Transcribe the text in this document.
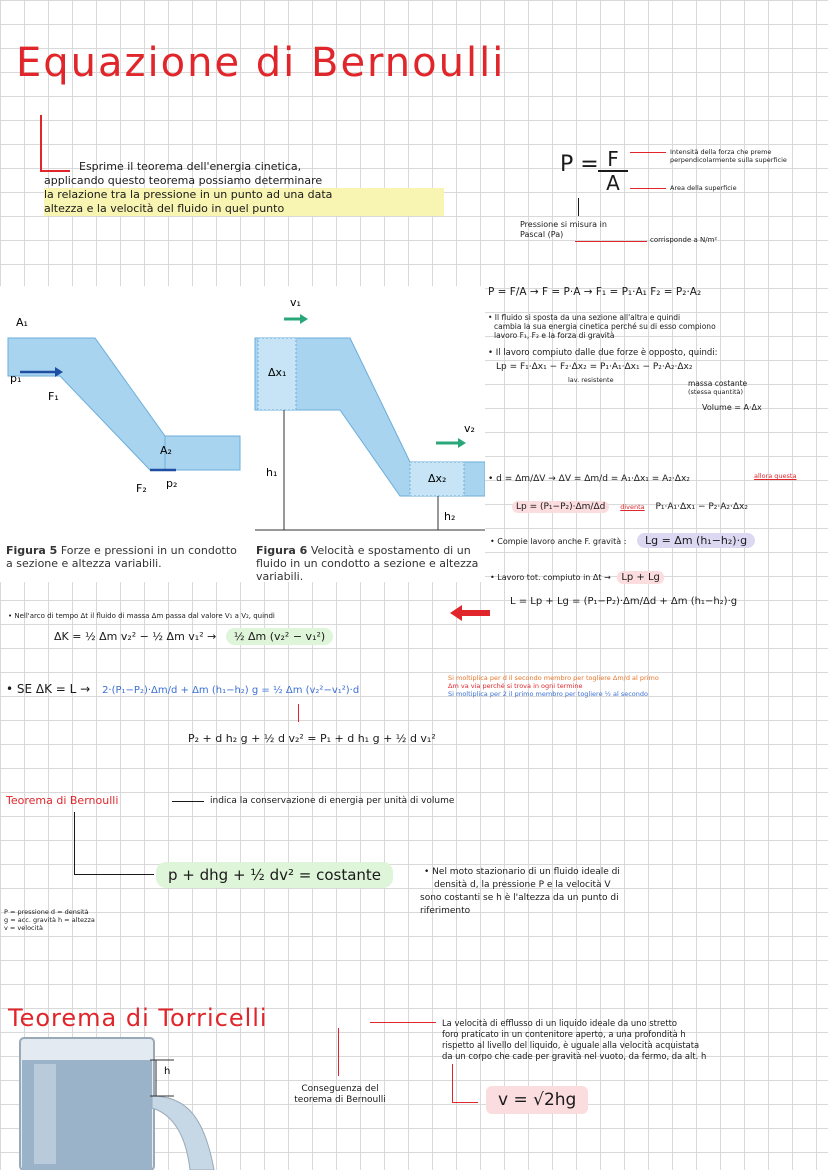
Equazione di Bernoulli
Esprime il teorema dell'energia cinetica,
applicando questo teorema possiamo determinare
la relazione tra la pressione in un punto ad una data
altezza e la velocità del fluido in quel punto
$P = \frac{F}{A}$	Intensità della forza che preme
perpendicolarmente sulla superficie
Area della superficie
Pressione si misura in
Pascal (Pa)
corrisponde a N/m²
P = F/A → F = P·A → F₁ = P₁·A₁ F₂ = P₂·A₂
• Il fluido si sposta da una sezione all'altra e quindi
cambia la sua energia cinetica perché su di esso compiono
lavoro F₁, F₂ e la forza di gravità
• Il lavoro compiuto dalle due forze è opposto, quindi:
Lp = F₁·Δx₁ − F₂·Δx₂ = P₁·A₁·Δx₁ − P₂·A₂·Δx₂
lav. resistente	massa costante
(stessa quantità)
Volume = A·Δx
• d = Δm/ΔV → ΔV = Δm/d = A₁·Δx₁ = A₂·Δx₂	allora questa
Lp = (P₁−P₂)·Δm/Δd diventa P₁·A₁·Δx₁ − P₂·A₂·Δx₂
• Compie lavoro anche F. gravità : Lg = Δm (h₁−h₂)·g
• Lavoro tot. compiuto in Δt → Lp + Lg
L = Lp + Lg = (P₁−P₂)·Δm/Δd + Δm (h₁−h₂)·g
A₁
p₁
F₁
A₂
p₂
F₂
v₁
v₂
Δx₁
Δx₂
h₁
h₂
Figura 5 Forze e pressioni in un condotto a sezione e altezza variabili.
Figura 6 Velocità e spostamento di un fluido in un condotto a sezione e altezza variabili.
• Nell'arco di tempo Δt il fluido di massa Δm passa dal valore V₁ a V₂, quindi
ΔK = ½ Δm v₂² − ½ Δm v₁² → ½ Δm (v₂² − v₁²)
• SE ΔK = L → 2·(P₁−P₂)·Δm/d + Δm (h₁−h₂) g = ½ Δm (v₂²−v₁²)·d
Si moltiplica per d il secondo membro per togliere Δm/d al primo
Δm va via perché si trova in ogni termine
Si moltiplica per 2 il primo membro per togliere ½ al secondo
P₂ + d h₂ g + ½ d v₂² = P₁ + d h₁ g + ½ d v₁²
Teorema di Bernoulli	indica la conservazione di energia per unità di volume
p + dhg + ½ dv² = costante
P = pressione d = densità
g = acc. gravità h = altezza
v = velocità
• Nel moto stazionario di un fluido ideale di
densità d, la pressione P e la velocità V
sono costanti se h è l'altezza da un punto di
riferimento
Teorema di Torricelli	La velocità di efflusso di un liquido ideale da uno stretto
foro praticato in un contenitore aperto, a una profondità h
rispetto al livello del liquido, è uguale alla velocità acquistata
da un corpo che cade per gravità nel vuoto, da fermo, da alt. h
Conseguenza del
teorema di Bernoulli	v = √2hg
h
